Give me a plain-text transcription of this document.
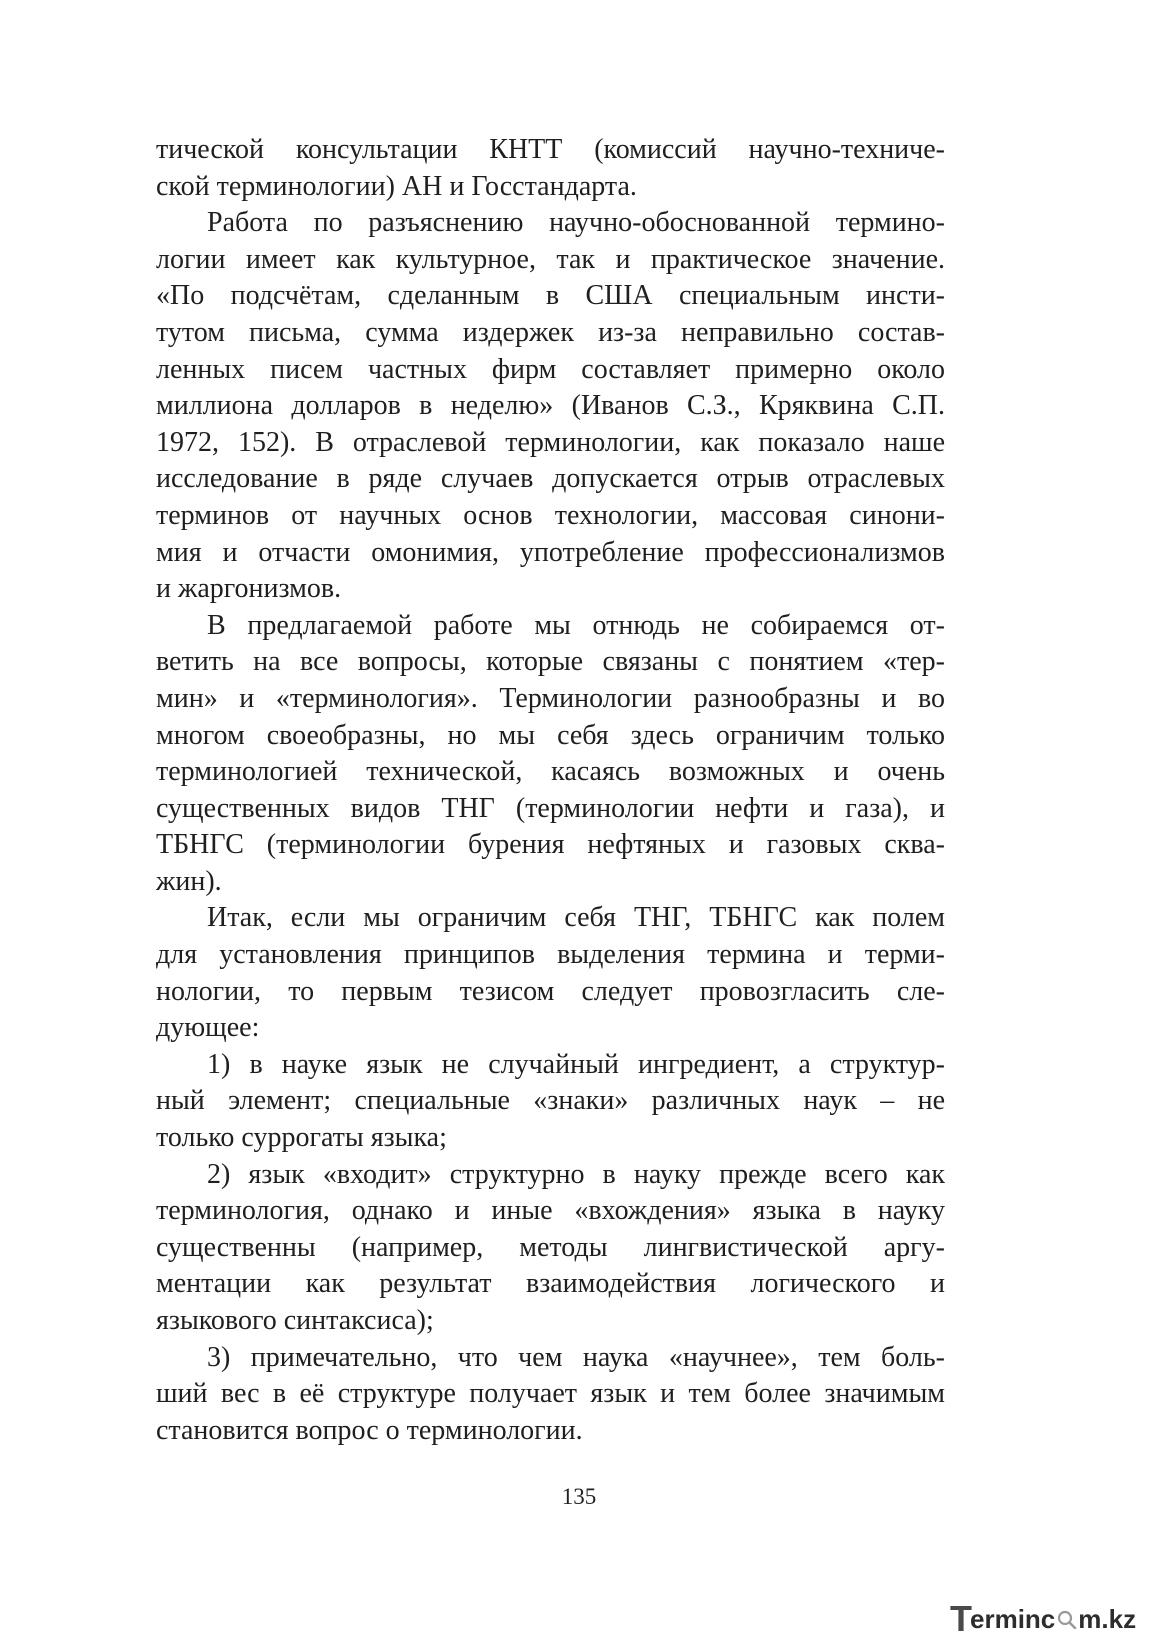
тической консультации КНТТ (комиссий научно-техниче-
ской терминологии) АН и Госстандарта.
Работа по разъяснению научно-обоснованной термино-
логии имеет как культурное, так и практическое значение.
«По подсчётам, сделанным в США специальным инсти-
тутом письма, сумма издержек из-за неправильно состав-
ленных писем частных фирм составляет примерно около
миллиона долларов в неделю» (Иванов С.З., Кряквина С.П.
1972, 152). В отраслевой терминологии, как показало наше
исследование в ряде случаев допускается отрыв отраслевых
терминов от научных основ технологии, массовая синони-
мия и отчасти омонимия, употребление профессионализмов
и жаргонизмов.
В предлагаемой работе мы отнюдь не собираемся от-
ветить на все вопросы, которые связаны с понятием «тер-
мин» и «терминология». Терминологии разнообразны и во
многом своеобразны, но мы себя здесь ограничим только
терминологией технической, касаясь возможных и очень
существенных видов ТНГ (терминологии нефти и газа), и
ТБНГС (терминологии бурения нефтяных и газовых сква-
жин).
Итак, если мы ограничим себя ТНГ, ТБНГС как полем
для установления принципов выделения термина и терми-
нологии, то первым тезисом следует провозгласить сле-
дующее:
1) в науке язык не случайный ингредиент, а структур-
ный элемент; специальные «знаки» различных наук – не
только суррогаты языка;
2) язык «входит» структурно в науку прежде всего как
терминология, однако и иные «вхождения» языка в науку
существенны (например, методы лингвистической аргу-
ментации как результат взаимодействия логического и
языкового синтаксиса);
3) примечательно, что чем наука «научнее», тем боль-
ший вес в её структуре получает язык и тем более значимым
становится вопрос о терминологии.
135
T erminc m.kz
